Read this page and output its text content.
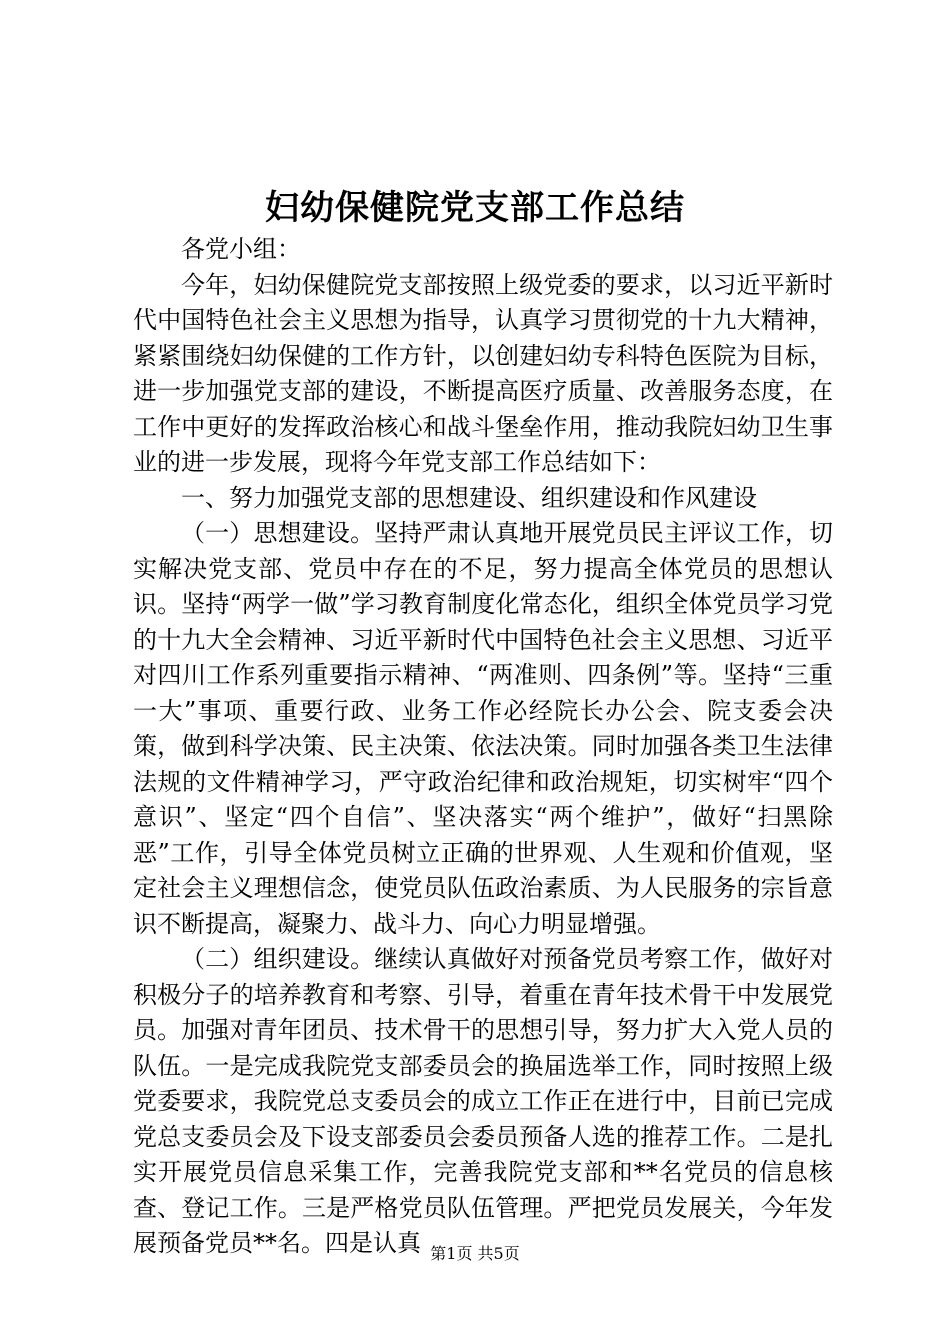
妇幼保健院党支部工作总结

各党小组：

今年，妇幼保健院党支部按照上级党委的要求，以习近平新时代中国特色社会主义思想为指导，认真学习贯彻党的十九大精神，紧紧围绕妇幼保健的工作方针，以创建妇幼专科特色医院为目标，进一步加强党支部的建设，不断提高医疗质量、改善服务态度，在工作中更好的发挥政治核心和战斗堡垒作用，推动我院妇幼卫生事业的进一步发展，现将今年党支部工作总结如下：

一、努力加强党支部的思想建设、组织建设和作风建设

（一）思想建设。坚持严肃认真地开展党员民主评议工作，切实解决党支部、党员中存在的不足，努力提高全体党员的思想认识。坚持“两学一做”学习教育制度化常态化，组织全体党员学习党的十九大全会精神、习近平新时代中国特色社会主义思想、习近平对四川工作系列重要指示精神、“两准则、四条例”等。坚持“三重一大”事项、重要行政、业务工作必经院长办公会、院支委会决策，做到科学决策、民主决策、依法决策。同时加强各类卫生法律法规的文件精神学习，严守政治纪律和政治规矩，切实树牢“四个意识”、坚定“四个自信”、坚决落实“两个维护”，做好“扫黑除恶”工作，引导全体党员树立正确的世界观、人生观和价值观，坚定社会主义理想信念，使党员队伍政治素质、为人民服务的宗旨意识不断提高，凝聚力、战斗力、向心力明显增强。

（二）组织建设。继续认真做好对预备党员考察工作，做好对积极分子的培养教育和考察、引导，着重在青年技术骨干中发展党员。加强对青年团员、技术骨干的思想引导，努力扩大入党人员的队伍。一是完成我院党支部委员会的换届选举工作，同时按照上级党委要求，我院党总支委员会的成立工作正在进行中，目前已完成党总支委员会及下设支部委员会委员预备人选的推荐工作。二是扎实开展党员信息采集工作，完善我院党支部和**名党员的信息核查、登记工作。三是严格党员队伍管理。严把党员发展关，今年发展预备党员**名。四是认真 第1页 共5页
